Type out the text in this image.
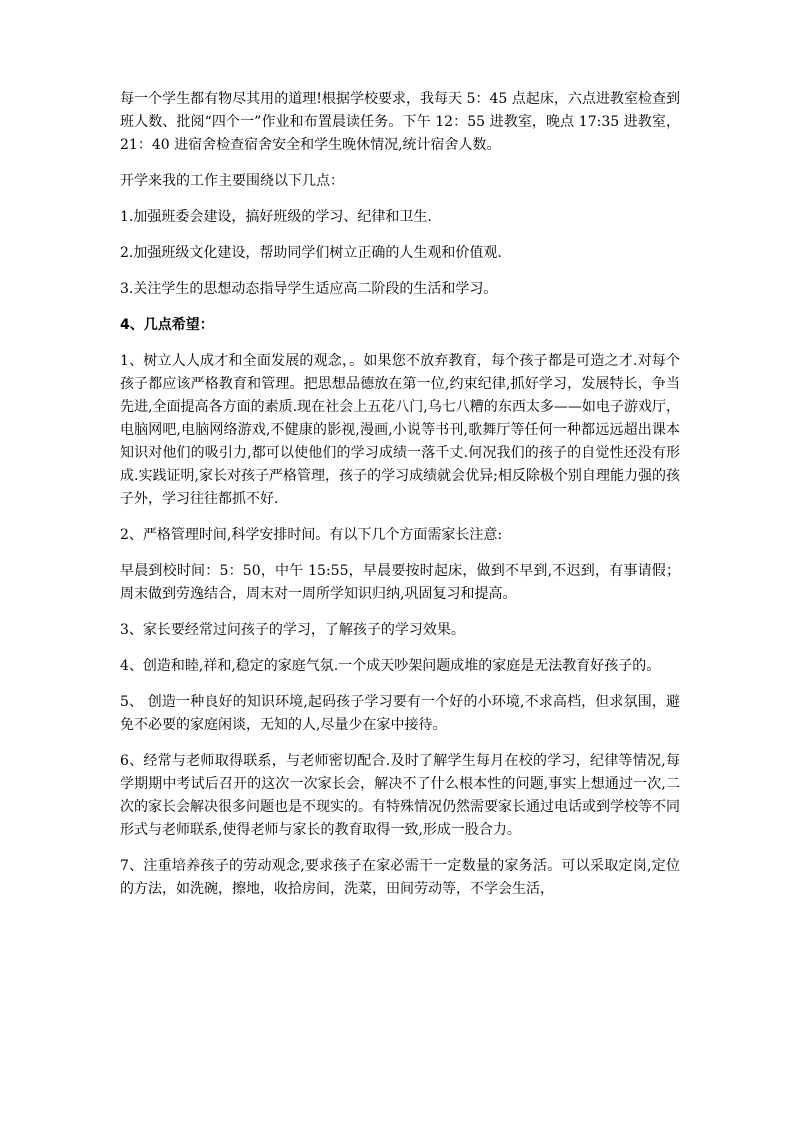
每一个学生都有物尽其用的道理!根据学校要求，我每天 5：45 点起床，六点进教室检查到班人数、批阅“四个一”作业和布置晨读任务。下午 12：55 进教室，晚点 17:35 进教室，21：40 进宿舍检查宿舍安全和学生晚休情况,统计宿舍人数。

开学来我的工作主要围绕以下几点：

1.加强班委会建设，搞好班级的学习、纪律和卫生.

2.加强班级文化建设，帮助同学们树立正确的人生观和价值观.

3.关注学生的思想动态指导学生适应高二阶段的生活和学习。

4、几点希望：

1、树立人人成才和全面发展的观念，。如果您不放弃教育，每个孩子都是可造之才.对每个孩子都应该严格教育和管理。把思想品德放在第一位,约束纪律,抓好学习，发展特长，争当先进,全面提高各方面的素质.现在社会上五花八门,乌七八糟的东西太多——如电子游戏厅，电脑网吧,电脑网络游戏,不健康的影视,漫画,小说等书刊,歌舞厅等任何一种都远远超出课本知识对他们的吸引力,都可以使他们的学习成绩一落千丈.何况我们的孩子的自觉性还没有形成.实践证明,家长对孩子严格管理，孩子的学习成绩就会优异;相反除极个别自理能力强的孩子外，学习往往都抓不好.

2、严格管理时间,科学安排时间。有以下几个方面需家长注意:

早晨到校时间：5：50，中午 15:55，早晨要按时起床，做到不早到,不迟到，有事请假；周末做到劳逸结合，周末对一周所学知识归纳,巩固复习和提高。

3、家长要经常过问孩子的学习，了解孩子的学习效果。

4、创造和睦,祥和,稳定的家庭气氛.一个成天吵架问题成堆的家庭是无法教育好孩子的。

5、 创造一种良好的知识环境,起码孩子学习要有一个好的小环境,不求高档，但求氛围，避免不必要的家庭闲谈，无知的人,尽量少在家中接待。

6、经常与老师取得联系，与老师密切配合.及时了解学生每月在校的学习，纪律等情况,每学期期中考试后召开的这次一次家长会，解决不了什么根本性的问题,事实上想通过一次,二次的家长会解决很多问题也是不现实的。有特殊情况仍然需要家长通过电话或到学校等不同形式与老师联系,使得老师与家长的教育取得一致,形成一股合力。

7、注重培养孩子的劳动观念,要求孩子在家必需干一定数量的家务活。可以采取定岗,定位的方法，如洗碗，擦地，收拾房间，洗菜，田间劳动等，不学会生活，
